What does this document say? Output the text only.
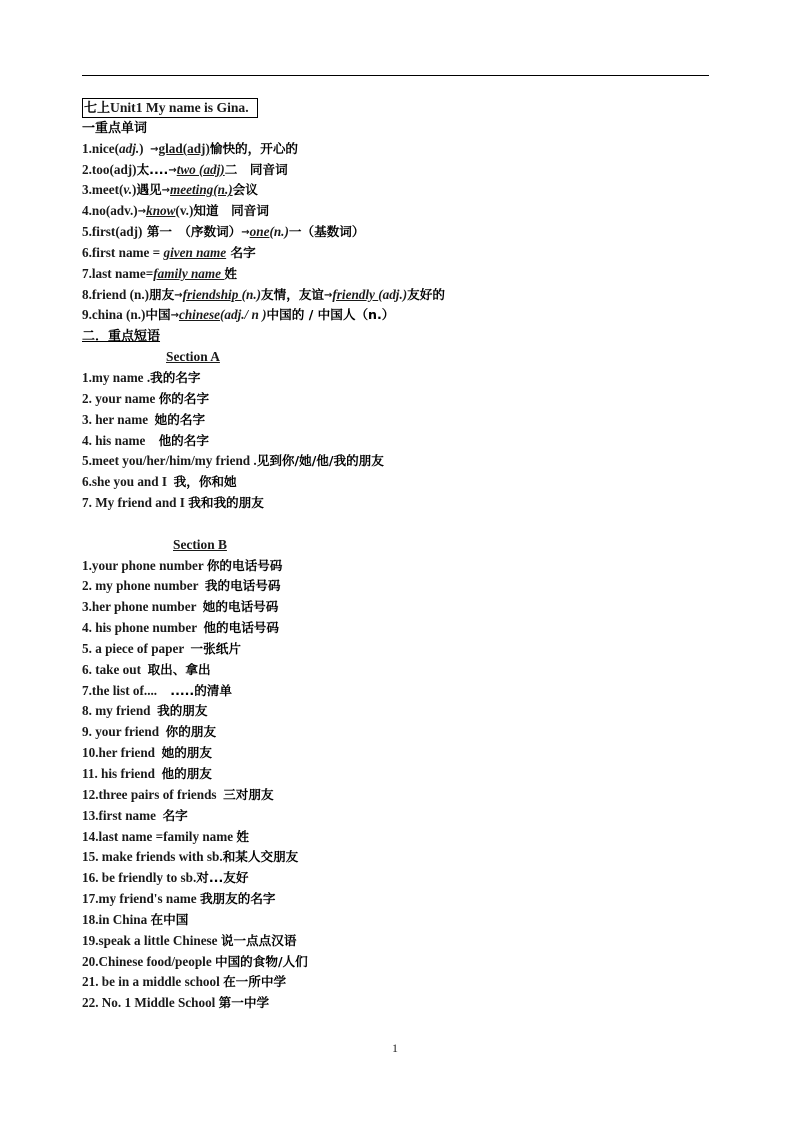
七上Unit1 My name is Gina.
一重点单词
1.nice(adj.) →glad(adj)愉快的，开心的
2.too(adj)太....→two (adj)二　同音词
3.meet(v.)遇见→meeting(n.)会议
4.no(adv.)→know(v.)知道　同音词
5.first(adj) 第一　（序数词）→one(n.)一（基数词）
6.first name = given name 名字
7.last name=family name 姓
8.friend (n.)朋友→friendship (n.)友情，友谊→friendly (adj.)友好的
9.china (n.)中国→chinese(adj./ n )中国的 / 中国人（n.）
二．重点短语
Section A
1.my name .我的名字
2. your name 你的名字
3. her name  她的名字
4. his name    他的名字
5.meet you/her/him/my friend .见到你/她/他/我的朋友
6.she you and I  我，你和她
7. My friend and I 我和我的朋友
Section B
1.your phone number 你的电话号码
2. my phone number  我的电话号码
3.her phone number  她的电话号码
4. his phone number  他的电话号码
5. a piece of paper  一张纸片
6. take out  取出、拿出
7.the list of....    .....的清单
8. my friend  我的朋友
9. your friend  你的朋友
10.her friend  她的朋友
11. his friend  他的朋友
12.three pairs of friends  三对朋友
13.first name  名字
14.last name =family name 姓
15. make friends with sb.和某人交朋友
16. be friendly to sb.对...友好
17.my friend's name 我朋友的名字
18.in China 在中国
19.speak a little Chinese 说一点点汉语
20.Chinese food/people 中国的食物/人们
21. be in a middle school 在一所中学
22. No. 1 Middle School 第一中学
1
